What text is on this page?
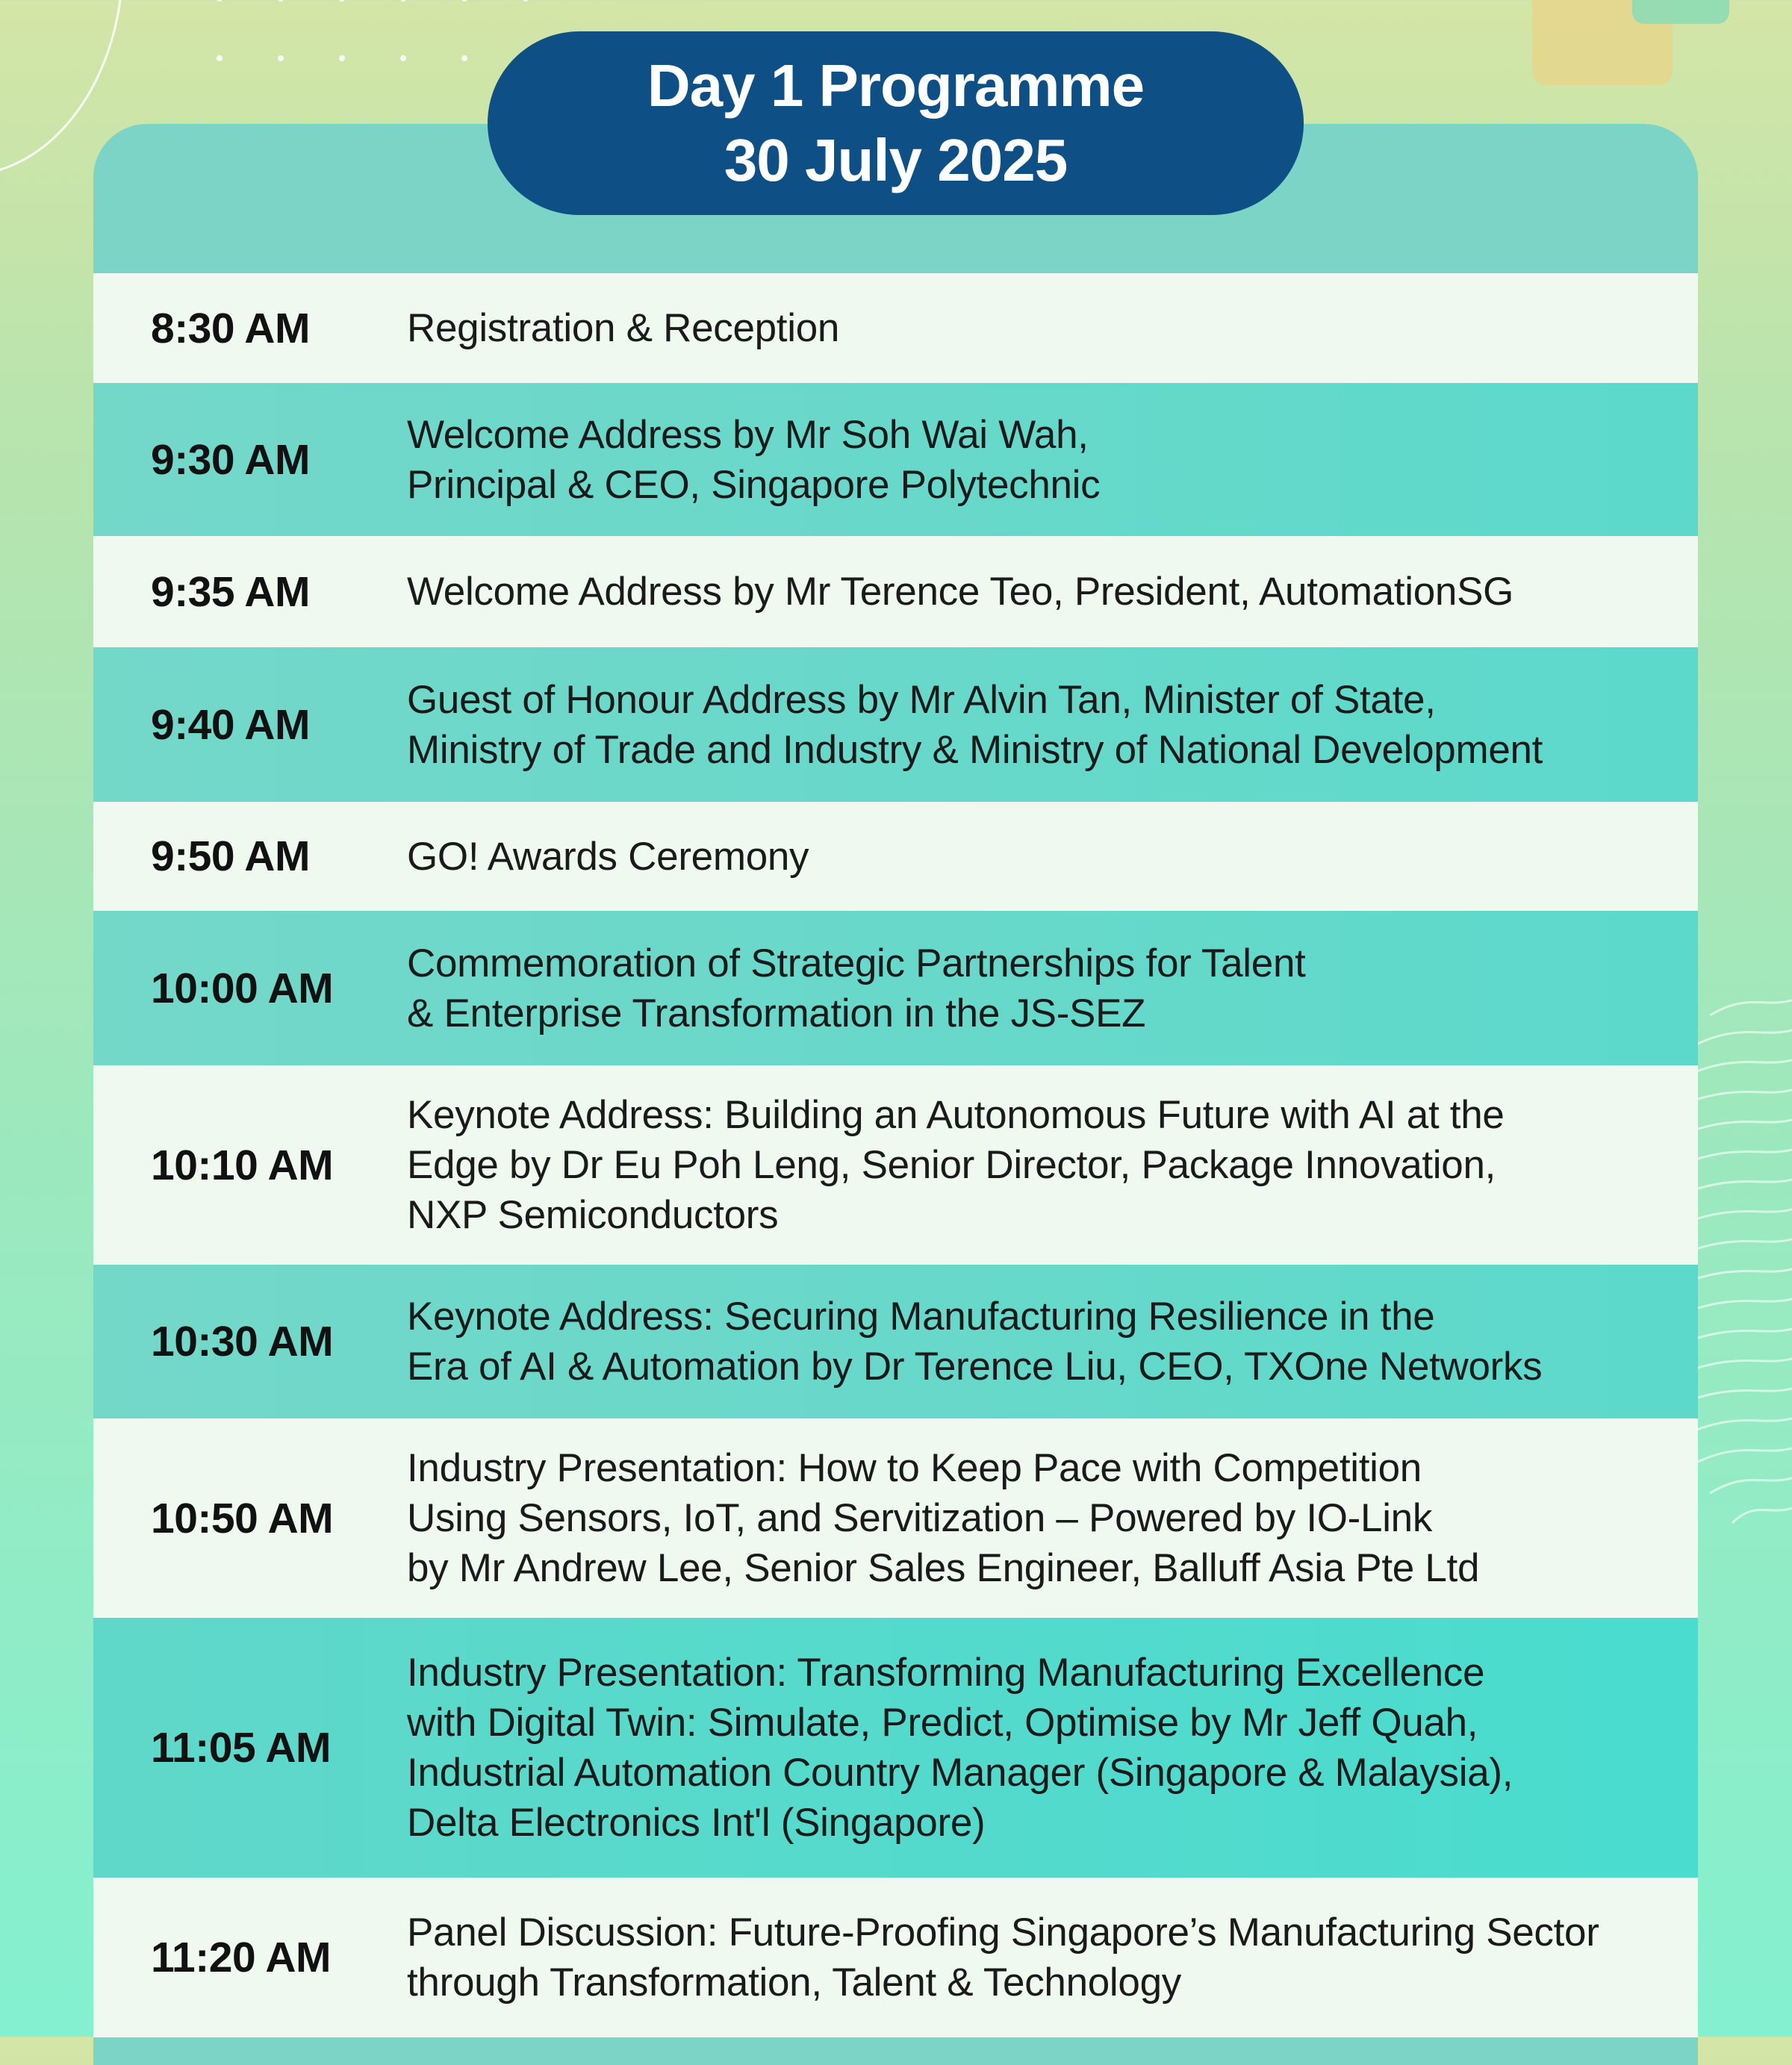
Day 1 Programme
30 July 2025
8:30 AM	Registration & Reception
9:30 AM
Welcome Address by Mr Soh Wai Wah,
Principal & CEO, Singapore Polytechnic
9:35 AM	Welcome Address by Mr Terence Teo, President, AutomationSG
9:40 AM
Guest of Honour Address by Mr Alvin Tan, Minister of State,
Ministry of Trade and Industry & Ministry of National Development
9:50 AM	GO! Awards Ceremony
10:00 AM
Commemoration of Strategic Partnerships for Talent
& Enterprise Transformation in the JS-SEZ
10:10 AM
Keynote Address: Building an Autonomous Future with AI at the
Edge by Dr Eu Poh Leng, Senior Director, Package Innovation,
NXP Semiconductors
10:30 AM
Keynote Address: Securing Manufacturing Resilience in the
Era of AI & Automation by Dr Terence Liu, CEO, TXOne Networks
10:50 AM
Industry Presentation: How to Keep Pace with Competition
Using Sensors, IoT, and Servitization – Powered by IO-Link
by Mr Andrew Lee, Senior Sales Engineer, Balluff Asia Pte Ltd
11:05 AM
Industry Presentation: Transforming Manufacturing Excellence
with Digital Twin: Simulate, Predict, Optimise by Mr Jeff Quah,
Industrial Automation Country Manager (Singapore & Malaysia),
Delta Electronics Int'l (Singapore)
11:20 AM
Panel Discussion: Future-Proofing Singapore’s Manufacturing Sector
through Transformation, Talent & Technology
